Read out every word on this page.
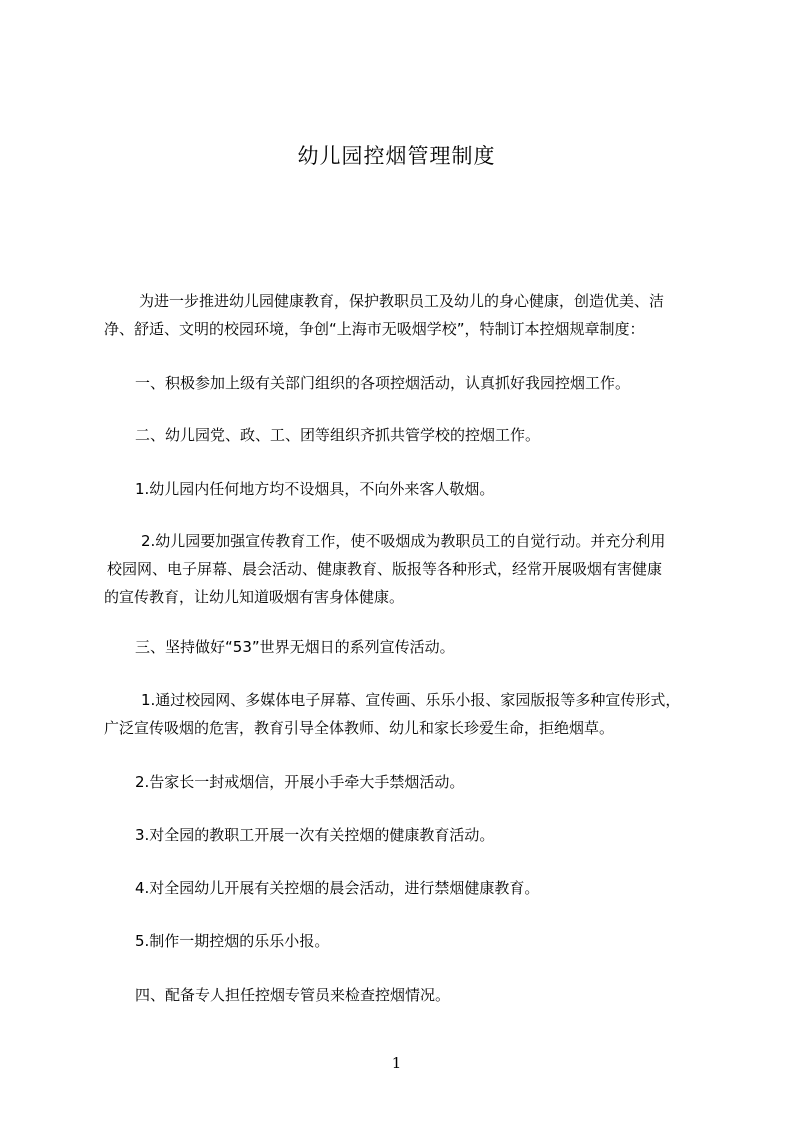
幼儿园控烟管理制度
为进一步推进幼儿园健康教育，保护教职员工及幼儿的身心健康，创造优美、洁
净、舒适、文明的校园环境，争创“上海市无吸烟学校”，特制订本控烟规章制度：

一、积极参加上级有关部门组织的各项控烟活动，认真抓好我园控烟工作。

二、幼儿园党、政、工、团等组织齐抓共管学校的控烟工作。

1.幼儿园内任何地方均不设烟具，不向外来客人敬烟。

2.幼儿园要加强宣传教育工作，使不吸烟成为教职员工的自觉行动。并充分利用
校园网、电子屏幕、晨会活动、健康教育、版报等各种形式，经常开展吸烟有害健康
的宣传教育，让幼儿知道吸烟有害身体健康。

三、坚持做好“53”世界无烟日的系列宣传活动。

1.通过校园网、多媒体电子屏幕、宣传画、乐乐小报、家园版报等多种宣传形式，
广泛宣传吸烟的危害，教育引导全体教师、幼儿和家长珍爱生命，拒绝烟草。

2.告家长一封戒烟信，开展小手牵大手禁烟活动。

3.对全园的教职工开展一次有关控烟的健康教育活动。

4.对全园幼儿开展有关控烟的晨会活动，进行禁烟健康教育。

5.制作一期控烟的乐乐小报。

四、配备专人担任控烟专管员来检查控烟情况。

1
